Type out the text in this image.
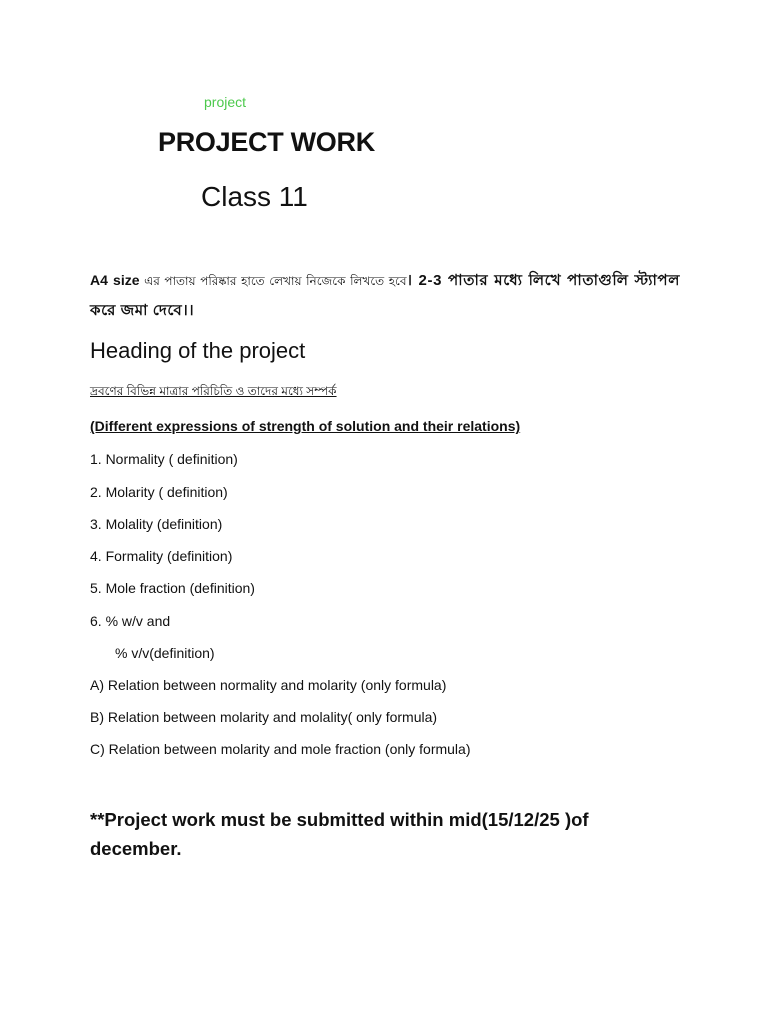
project
PROJECT WORK
Class 11
A4 size এর পাতায় পরিষ্কার হাতে লেখায় নিজেকে লিখতে হবে। 2-3 পাতার মধ্যে লিখে পাতাগুলি স্ট্যাপল করে জমা দেবে।।
Heading of the project
দ্রবণের বিভিন্ন মাত্রার পরিচিতি ও তাদের মধ্যে সম্পর্ক
(Different expressions of strength of solution and their relations)
1. Normality ( definition)
2. Molarity ( definition)
3. Molality (definition)
4. Formality (definition)
5. Mole fraction (definition)
6. % w/v and
% v/v(definition)
A) Relation between normality and molarity (only formula)
B) Relation between molarity and molality( only formula)
C) Relation between molarity and mole fraction (only formula)
**Project work must be submitted within mid(15/12/25 )of december.
